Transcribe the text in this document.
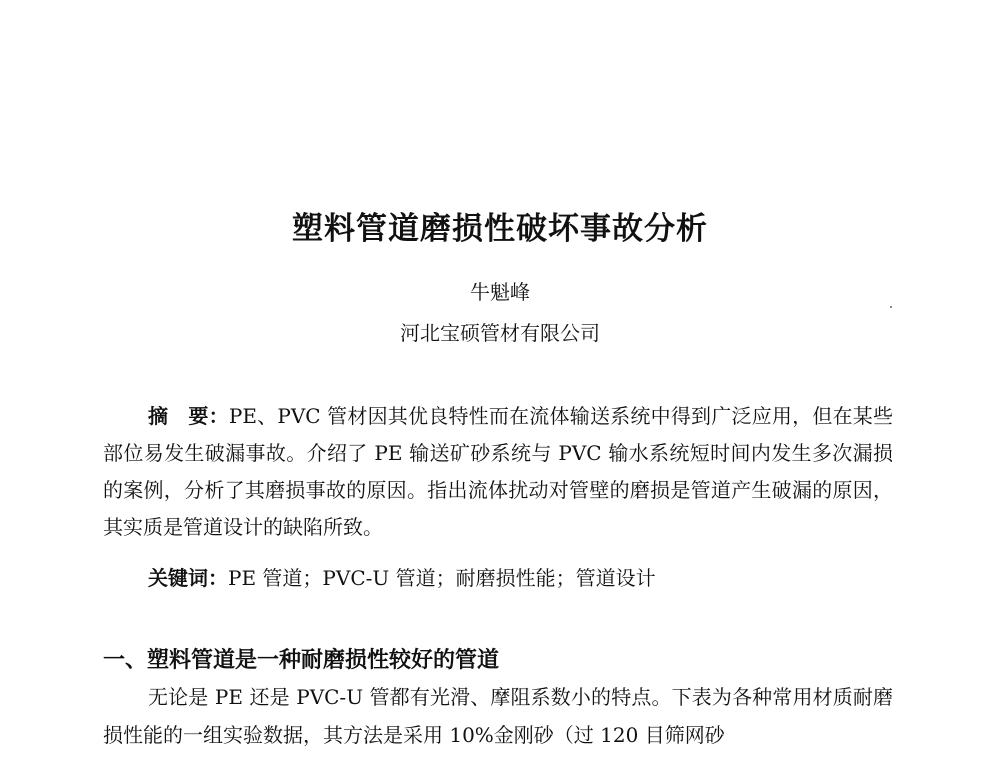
塑料管道磨损性破坏事故分析

牛魁峰

河北宝硕管材有限公司

摘　要：PE、PVC 管材因其优良特性而在流体输送系统中得到广泛应用，但在某些部位易发生破漏事故。介绍了 PE 输送矿砂系统与 PVC 输水系统短时间内发生多次漏损的案例，分析了其磨损事故的原因。指出流体扰动对管壁的磨损是管道产生破漏的原因，其实质是管道设计的缺陷所致。

关键词：PE 管道；PVC-U 管道；耐磨损性能；管道设计

一、塑料管道是一种耐磨损性较好的管道

无论是 PE 还是 PVC-U 管都有光滑、摩阻系数小的特点。下表为各种常用材质耐磨损性能的一组实验数据，其方法是采用 10%金刚砂（过 120 目筛网砂
